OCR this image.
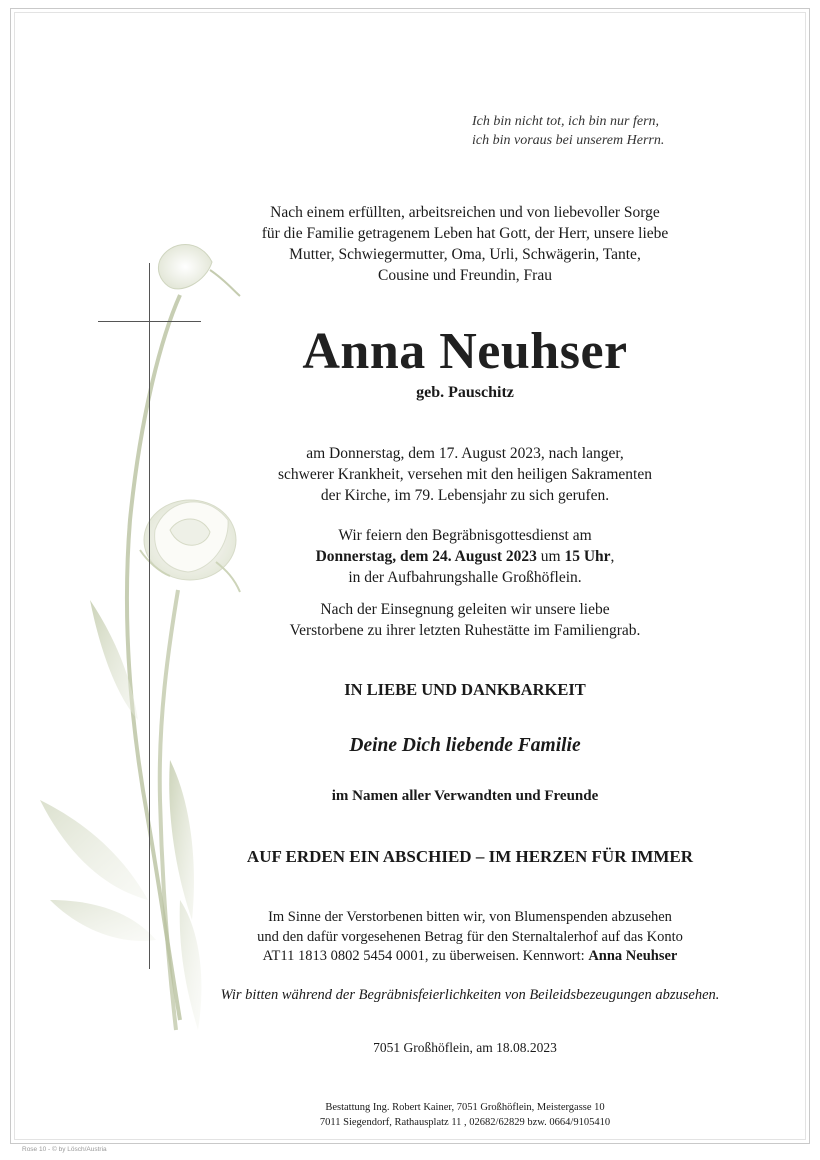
Ich bin nicht tot, ich bin nur fern,
ich bin voraus bei unserem Herrn.
Nach einem erfüllten, arbeitsreichen und von liebevoller Sorge
für die Familie getragenem Leben hat Gott, der Herr, unsere liebe
Mutter, Schwiegermutter, Oma, Urli, Schwägerin, Tante,
Cousine und Freundin, Frau
Anna Neuhser
geb. Pauschitz
am Donnerstag, dem 17. August 2023, nach langer,
schwerer Krankheit, versehen mit den heiligen Sakramenten
der Kirche, im 79. Lebensjahr zu sich gerufen.
Wir feiern den Begräbnisgottesdienst am
Donnerstag, dem 24. August 2023 um 15 Uhr,
in der Aufbahrungshalle Großhöflein.
Nach der Einsegnung geleiten wir unsere liebe
Verstorbene zu ihrer letzten Ruhestätte im Familiengrab.
IN LIEBE UND DANKBARKEIT
Deine Dich liebende Familie
im Namen aller Verwandten und Freunde
AUF ERDEN EIN ABSCHIED – IM HERZEN FÜR IMMER
Im Sinne der Verstorbenen bitten wir, von Blumenspenden abzusehen
und den dafür vorgesehenen Betrag für den Sternaltalerhof auf das Konto
AT11 1813 0802 5454 0001, zu überweisen. Kennwort: Anna Neuhser
Wir bitten während der Begräbnisfeierlichkeiten von Beileidsbezeugungen abzusehen.
7051 Großhöflein, am 18.08.2023
Bestattung Ing. Robert Kainer, 7051 Großhöflein, Meistergasse 10
7011 Siegendorf, Rathausplatz 11 , 02682/62829 bzw. 0664/9105410
Rose 10 - © by Lösch/Austria
